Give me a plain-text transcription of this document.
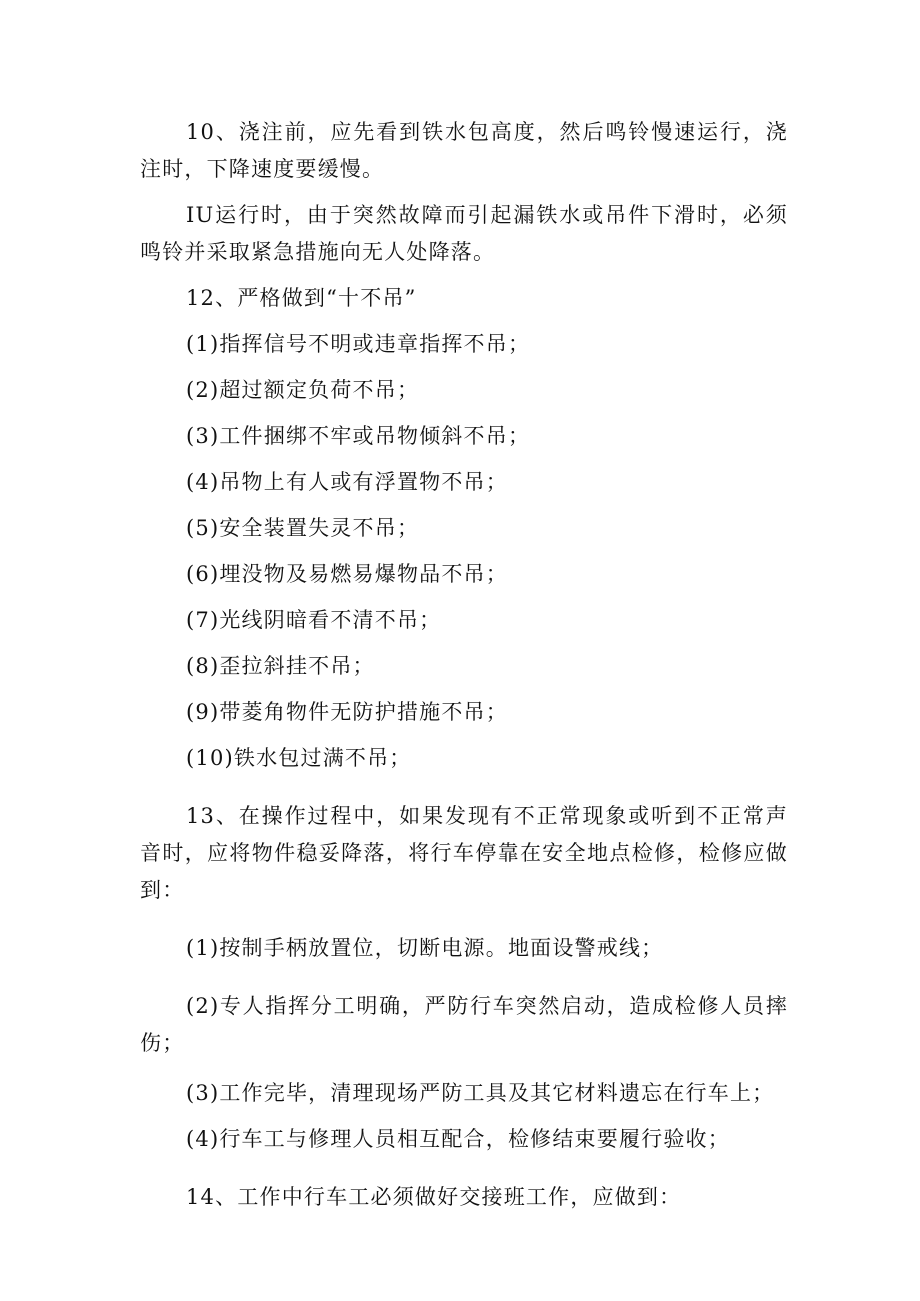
10、浇注前，应先看到铁水包高度，然后鸣铃慢速运行，浇注时，下降速度要缓慢。

IU运行时，由于突然故障而引起漏铁水或吊件下滑时，必须鸣铃并采取紧急措施向无人处降落。

12、严格做到“十不吊”

(1)指挥信号不明或违章指挥不吊；

(2)超过额定负荷不吊；

(3)工件捆绑不牢或吊物倾斜不吊；

(4)吊物上有人或有浮置物不吊；

(5)安全装置失灵不吊；

(6)埋没物及易燃易爆物品不吊；

(7)光线阴暗看不清不吊；

(8)歪拉斜挂不吊；

(9)带菱角物件无防护措施不吊；

(10)铁水包过满不吊；

13、在操作过程中，如果发现有不正常现象或听到不正常声音时，应将物件稳妥降落，将行车停靠在安全地点检修，检修应做到：

(1)按制手柄放置位，切断电源。地面设警戒线；

(2)专人指挥分工明确，严防行车突然启动，造成检修人员摔伤；

(3)工作完毕，清理现场严防工具及其它材料遗忘在行车上；

(4)行车工与修理人员相互配合，检修结束要履行验收；

14、工作中行车工必须做好交接班工作，应做到：
